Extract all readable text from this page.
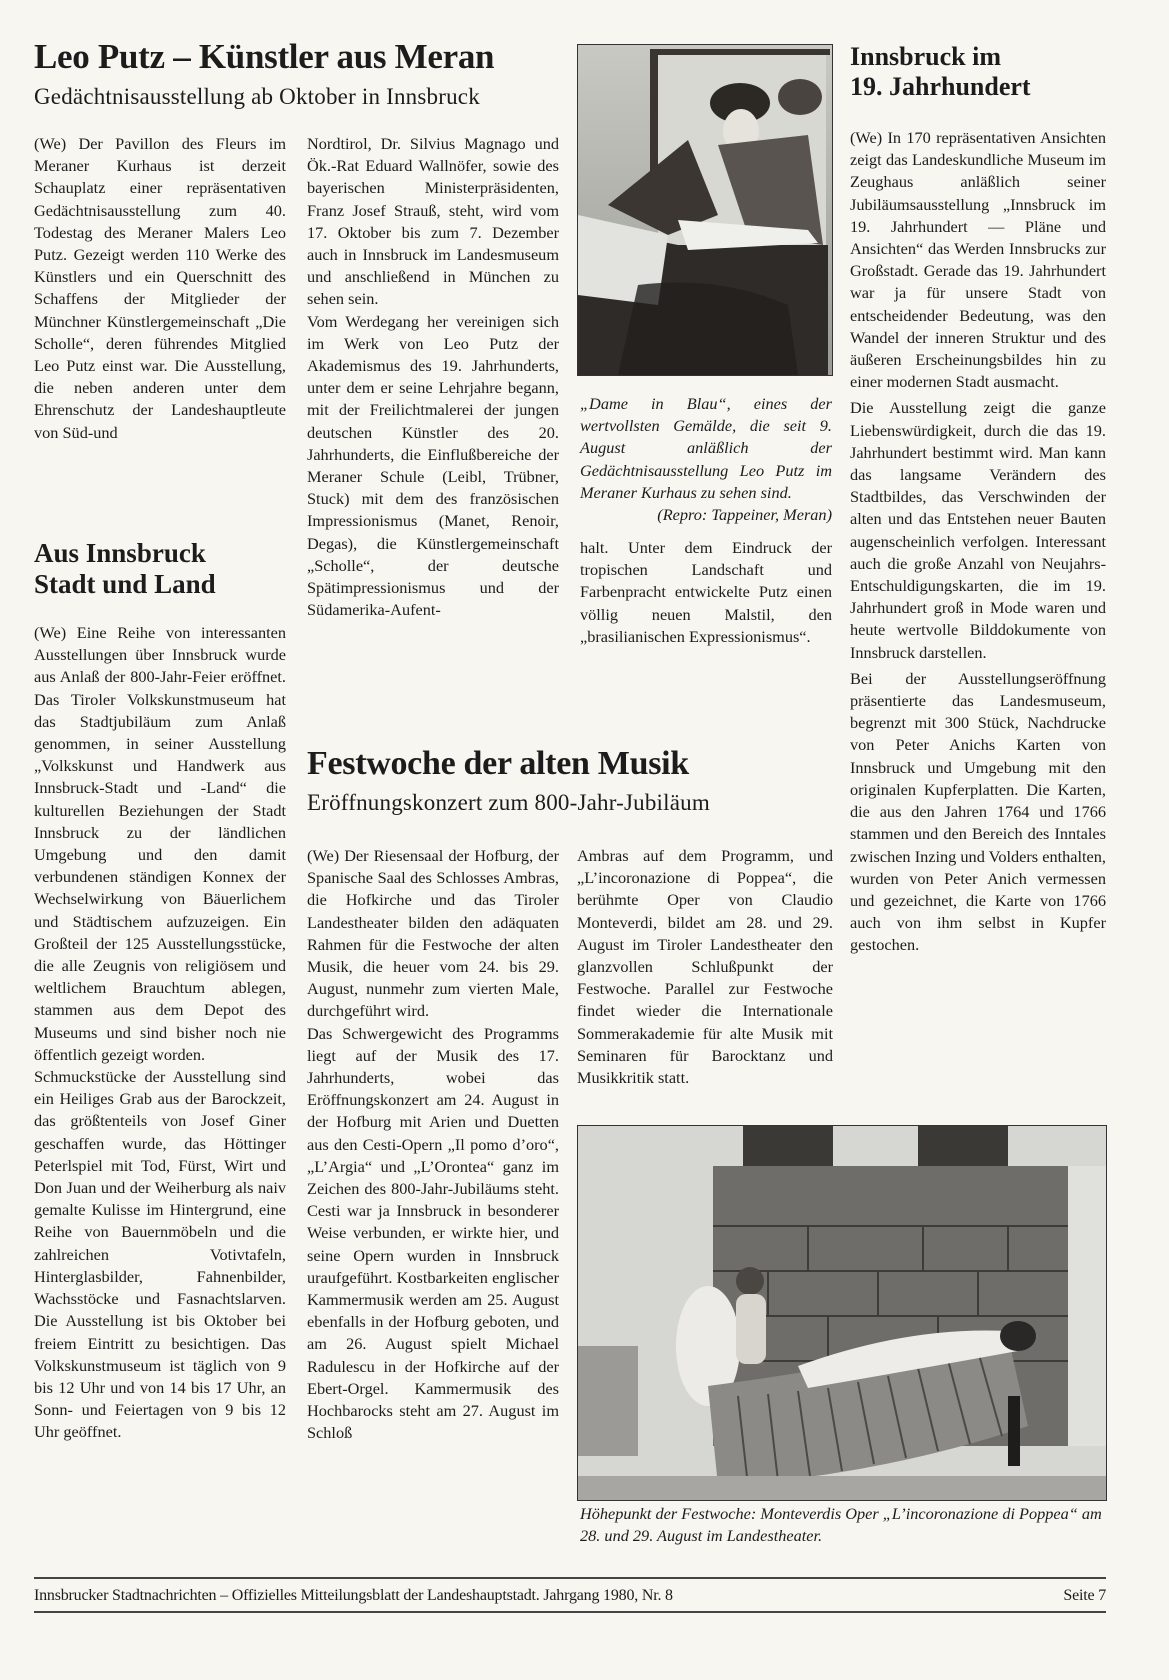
Leo Putz – Künstler aus Meran
Gedächtnisausstellung ab Oktober in Innsbruck

(We) Der Pavillon des Fleurs im Meraner Kurhaus ist derzeit Schauplatz einer repräsentativen Gedächtnisausstellung zum 40. Todestag des Meraner Malers Leo Putz. Gezeigt werden 110 Werke des Künstlers und ein Querschnitt des Schaffens der Mitglieder der Münchner Künstlergemeinschaft „Die Scholle“, deren führendes Mitglied Leo Putz einst war. Die Ausstellung, die neben anderen unter dem Ehrenschutz der Landeshauptleute von Süd-und

Nordtirol, Dr. Silvius Magnago und Ök.-Rat Eduard Wallnöfer, sowie des bayerischen Ministerpräsidenten, Franz Josef Strauß, steht, wird vom 17. Oktober bis zum 7. Dezember auch in Innsbruck im Landesmuseum und anschließend in München zu sehen sein.

Vom Werdegang her vereinigen sich im Werk von Leo Putz der Akademismus des 19. Jahrhunderts, unter dem er seine Lehrjahre begann, mit der Freilichtmalerei der jungen deutschen Künstler des 20. Jahrhunderts, die Einflußbereiche der Meraner Schule (Leibl, Trübner, Stuck) mit dem des französischen Impressionismus (Manet, Renoir, Degas), die Künstlergemeinschaft „Scholle“, der deutsche Spätimpressionismus und der Südamerika-Aufent-

„Dame in Blau“, eines der wertvollsten Gemälde, die seit 9. August anläßlich der Gedächtnisausstellung Leo Putz im Meraner Kurhaus zu sehen sind.
(Repro: Tappeiner, Meran)

halt. Unter dem Eindruck der tropischen Landschaft und Farbenpracht entwickelte Putz einen völlig neuen Malstil, den „brasilianischen Expressionismus“.

Aus Innsbruck
Stadt und Land

(We) Eine Reihe von interessanten Ausstellungen über Innsbruck wurde aus Anlaß der 800-Jahr-Feier eröffnet. Das Tiroler Volkskunstmuseum hat das Stadtjubiläum zum Anlaß genommen, in seiner Ausstellung „Volkskunst und Handwerk aus Innsbruck-Stadt und -Land“ die kulturellen Beziehungen der Stadt Innsbruck zu der ländlichen Umgebung und den damit verbundenen ständigen Konnex der Wechselwirkung von Bäuerlichem und Städtischem aufzuzeigen. Ein Großteil der 125 Ausstellungsstücke, die alle Zeugnis von religiösem und weltlichem Brauchtum ablegen, stammen aus dem Depot des Museums und sind bisher noch nie öffentlich gezeigt worden.

Schmuckstücke der Ausstellung sind ein Heiliges Grab aus der Barockzeit, das größtenteils von Josef Giner geschaffen wurde, das Höttinger Peterlspiel mit Tod, Fürst, Wirt und Don Juan und der Weiherburg als naiv gemalte Kulisse im Hintergrund, eine Reihe von Bauernmöbeln und die zahlreichen Votivtafeln, Hinterglasbilder, Fahnenbilder, Wachsstöcke und Fasnachtslarven. Die Ausstellung ist bis Oktober bei freiem Eintritt zu besichtigen. Das Volkskunstmuseum ist täglich von 9 bis 12 Uhr und von 14 bis 17 Uhr, an Sonn- und Feiertagen von 9 bis 12 Uhr geöffnet.

Innsbruck im
19. Jahrhundert

(We) In 170 repräsentativen Ansichten zeigt das Landeskundliche Museum im Zeughaus anläßlich seiner Jubiläumsausstellung „Innsbruck im 19. Jahrhundert — Pläne und Ansichten“ das Werden Innsbrucks zur Großstadt. Gerade das 19. Jahrhundert war ja für unsere Stadt von entscheidender Bedeutung, was den Wandel der inneren Struktur und des äußeren Erscheinungsbildes hin zu einer modernen Stadt ausmacht.

Die Ausstellung zeigt die ganze Liebenswürdigkeit, durch die das 19. Jahrhundert bestimmt wird. Man kann das langsame Verändern des Stadtbildes, das Verschwinden der alten und das Entstehen neuer Bauten augenscheinlich verfolgen. Interessant auch die große Anzahl von Neujahrs-Entschuldigungskarten, die im 19. Jahrhundert groß in Mode waren und heute wertvolle Bilddokumente von Innsbruck darstellen.

Bei der Ausstellungseröffnung präsentierte das Landesmuseum, begrenzt mit 300 Stück, Nachdrucke von Peter Anichs Karten von Innsbruck und Umgebung mit den originalen Kupferplatten. Die Karten, die aus den Jahren 1764 und 1766 stammen und den Bereich des Inntales zwischen Inzing und Volders enthalten, wurden von Peter Anich vermessen und gezeichnet, die Karte von 1766 auch von ihm selbst in Kupfer gestochen.

Festwoche der alten Musik
Eröffnungskonzert zum 800-Jahr-Jubiläum

(We) Der Riesensaal der Hofburg, der Spanische Saal des Schlosses Ambras, die Hofkirche und das Tiroler Landestheater bilden den adäquaten Rahmen für die Festwoche der alten Musik, die heuer vom 24. bis 29. August, nunmehr zum vierten Male, durchgeführt wird.

Das Schwergewicht des Programms liegt auf der Musik des 17. Jahrhunderts, wobei das Eröffnungskonzert am 24. August in der Hofburg mit Arien und Duetten aus den Cesti-Opern „Il pomo d’oro“, „L’Argia“ und „L’Orontea“ ganz im Zeichen des 800-Jahr-Jubiläums steht. Cesti war ja Innsbruck in besonderer Weise verbunden, er wirkte hier, und seine Opern wurden in Innsbruck uraufgeführt. Kostbarkeiten englischer Kammermusik werden am 25. August ebenfalls in der Hofburg geboten, und am 26. August spielt Michael Radulescu in der Hofkirche auf der Ebert-Orgel. Kammermusik des Hochbarocks steht am 27. August im Schloß

Ambras auf dem Programm, und „L’incoronazione di Poppea“, die berühmte Oper von Claudio Monteverdi, bildet am 28. und 29. August im Tiroler Landestheater den glanzvollen Schlußpunkt der Festwoche. Parallel zur Festwoche findet wieder die Internationale Sommerakademie für alte Musik mit Seminaren für Barocktanz und Musikkritik statt.

Höhepunkt der Festwoche: Monteverdis Oper „L’incoronazione di Poppea“ am 28. und 29. August im Landestheater.
Innsbrucker Stadtnachrichten – Offizielles Mitteilungsblatt der Landeshauptstadt. Jahrgang 1980, Nr. 8	Seite 7
